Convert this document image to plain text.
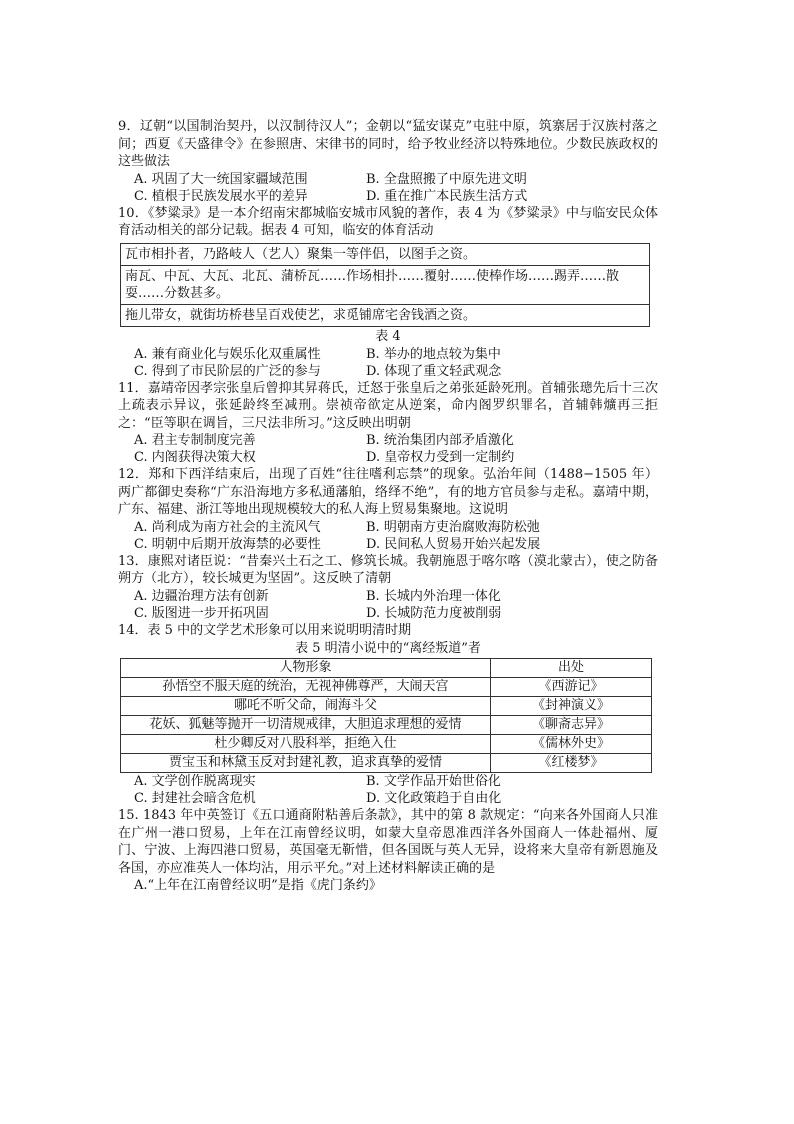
9．辽朝“以国制治契丹，以汉制待汉人”；金朝以“猛安谋克”屯驻中原，筑寨居于汉族村落之间；西夏《天盛律令》在参照唐、宋律书的同时，给予牧业经济以特殊地位。少数民族政权的这些做法

A. 巩固了大一统国家疆域范围	B. 全盘照搬了中原先进文明
C. 植根于民族发展水平的差异	D. 重在推广本民族生活方式

10．《梦粱录》是一本介绍南宋都城临安城市风貌的著作，表 4 为《梦粱录》中与临安民众体育活动相关的部分记载。据表 4 可知，临安的体育活动

瓦市相扑者，乃路岐人（艺人）聚集一等伴侣，以图手之资。
南瓦、中瓦、大瓦、北瓦、蒲桥瓦……作场相扑……覆射……使棒作场……踢弄……散耍……分数甚多。
拖儿带女，就街坊桥巷呈百戏使艺，求觅铺席宅舍钱酒之资。

表 4

A. 兼有商业化与娱乐化双重属性	B. 举办的地点较为集中
C. 得到了市民阶层的广泛的参与	D. 体现了重文轻武观念

11．嘉靖帝因孝宗张皇后曾抑其昇蒋氏，迁怒于张皇后之弟张延龄死刑。首辅张璁先后十三次上疏表示异议，张延龄终至减刑。崇祯帝欲定从逆案，命内阁罗织罪名，首辅韩爌再三拒之：“臣等职在调旨，三尺法非所习。”这反映出明朝

A. 君主专制制度完善	B. 统治集团内部矛盾激化
C. 内阁获得决策大权	D. 皇帝权力受到一定制约

12．郑和下西洋结束后，出现了百姓“往往嗜利忘禁”的现象。弘治年间（1488−1505 年）两广都御史奏称“广东沿海地方多私通藩舶，络绎不绝”，有的地方官员参与走私。嘉靖中期，广东、福建、浙江等地出现规模较大的私人海上贸易集聚地。这说明

A. 尚利成为南方社会的主流风气	B. 明朝南方吏治腐败海防松弛
C. 明朝中后期开放海禁的必要性	D. 民间私人贸易开始兴起发展

13．康熙对诸臣说：“昔秦兴土石之工、修筑长城。我朝施恩于喀尔喀（漠北蒙古），使之防备朔方（北方），较长城更为坚固”。这反映了清朝

A. 边疆治理方法有创新	B. 长城内外治理一体化
C. 版图进一步开拓巩固	D. 长城防范力度被削弱

14．表 5 中的文学艺术形象可以用来说明明清时期

表 5 明清小说中的“离经叛道”者

人物形象	出处
孙悟空不服天庭的统治，无视神佛尊严，大闹天宫	《西游记》
哪吒不听父命，闹海斗父	《封神演义》
花妖、狐魅等抛开一切清规戒律，大胆追求理想的爱情	《聊斋志异》
杜少卿反对八股科举，拒绝入仕	《儒林外史》
贾宝玉和林黛玉反对封建礼教，追求真挚的爱情	《红楼梦》
A. 文学创作脱离现实	B. 文学作品开始世俗化
C. 封建社会暗含危机	D. 文化政策趋于自由化

15. 1843 年中英签订《五口通商附粘善后条款》，其中的第 8 款规定：“向来各外国商人只准在广州一港口贸易，上年在江南曾经议明，如蒙大皇帝恩准西洋各外国商人一体赴福州、厦门、宁波、上海四港口贸易，英国毫无靳惜，但各国既与英人无异，设将来大皇帝有新恩施及各国，亦应准英人一体均沾，用示平允。”对上述材料解读正确的是

A.“上年在江南曾经议明”是指《虎门条约》
